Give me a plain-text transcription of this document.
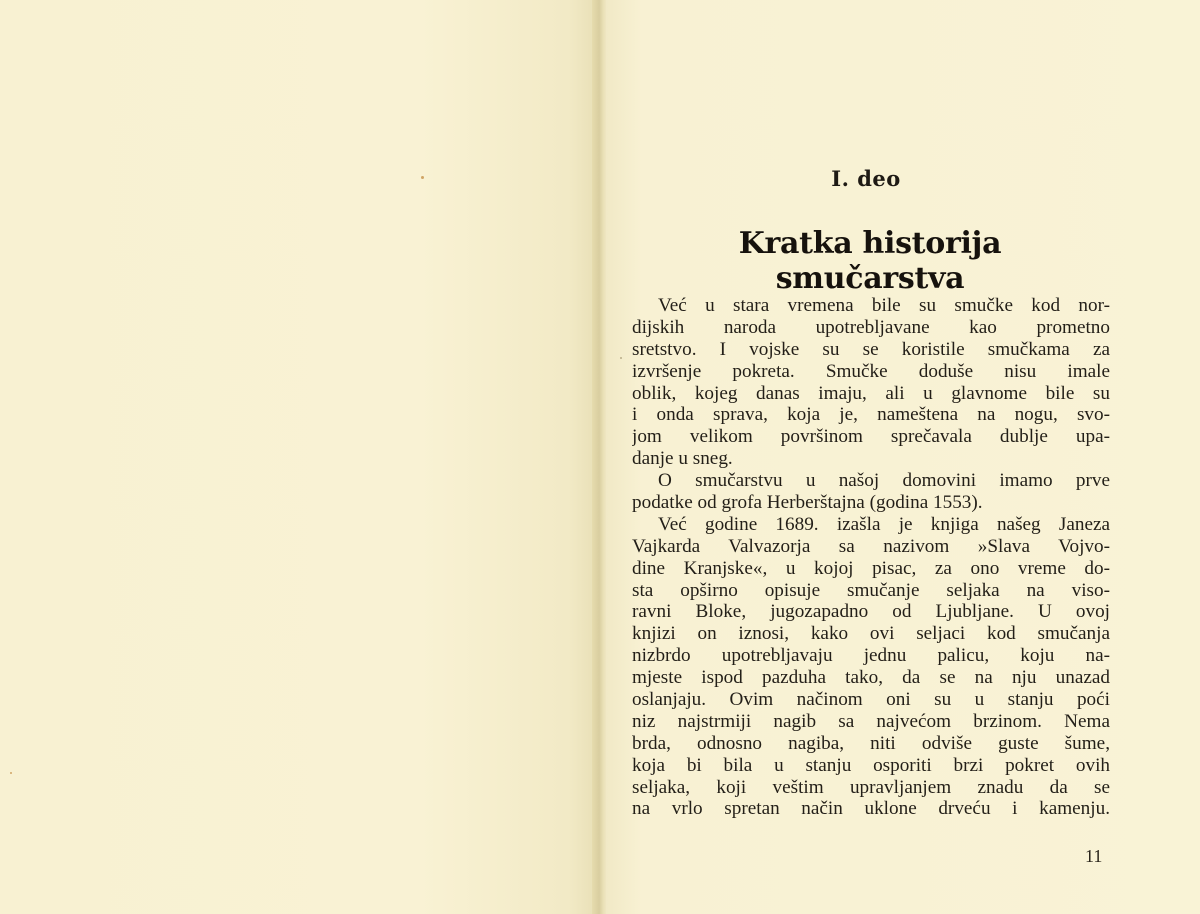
I. deo
Kratka historija smučarstva
Već u stara vremena bile su smučke kod nor-
dijskih naroda upotrebljavane kao prometno
sretstvo. I vojske su se koristile smučkama za
izvršenje pokreta. Smučke doduše nisu imale
oblik, kojeg danas imaju, ali u glavnome bile su
i onda sprava, koja je, nameštena na nogu, svo-
jom velikom površinom sprečavala dublje upa-
danje u sneg.
O smučarstvu u našoj domovini imamo prve
podatke od grofa Herberštajna (godina 1553).
Već godine 1689. izašla je knjiga našeg Janeza
Vajkarda Valvazorja sa nazivom »Slava Vojvo-
dine Kranjske«, u kojoj pisac, za ono vreme do-
sta opširno opisuje smučanje seljaka na viso-
ravni Bloke, jugozapadno od Ljubljane. U ovoj
knjizi on iznosi, kako ovi seljaci kod smučanja
nizbrdo upotrebljavaju jednu palicu, koju na-
mjeste ispod pazduha tako, da se na nju unazad
oslanjaju. Ovim načinom oni su u stanju poći
niz najstrmiji nagib sa najvećom brzinom. Nema
brda, odnosno nagiba, niti odviše guste šume,
koja bi bila u stanju osporiti brzi pokret ovih
seljaka, koji veštim upravljanjem znadu da se
na vrlo spretan način uklone drveću i kamenju.
11
